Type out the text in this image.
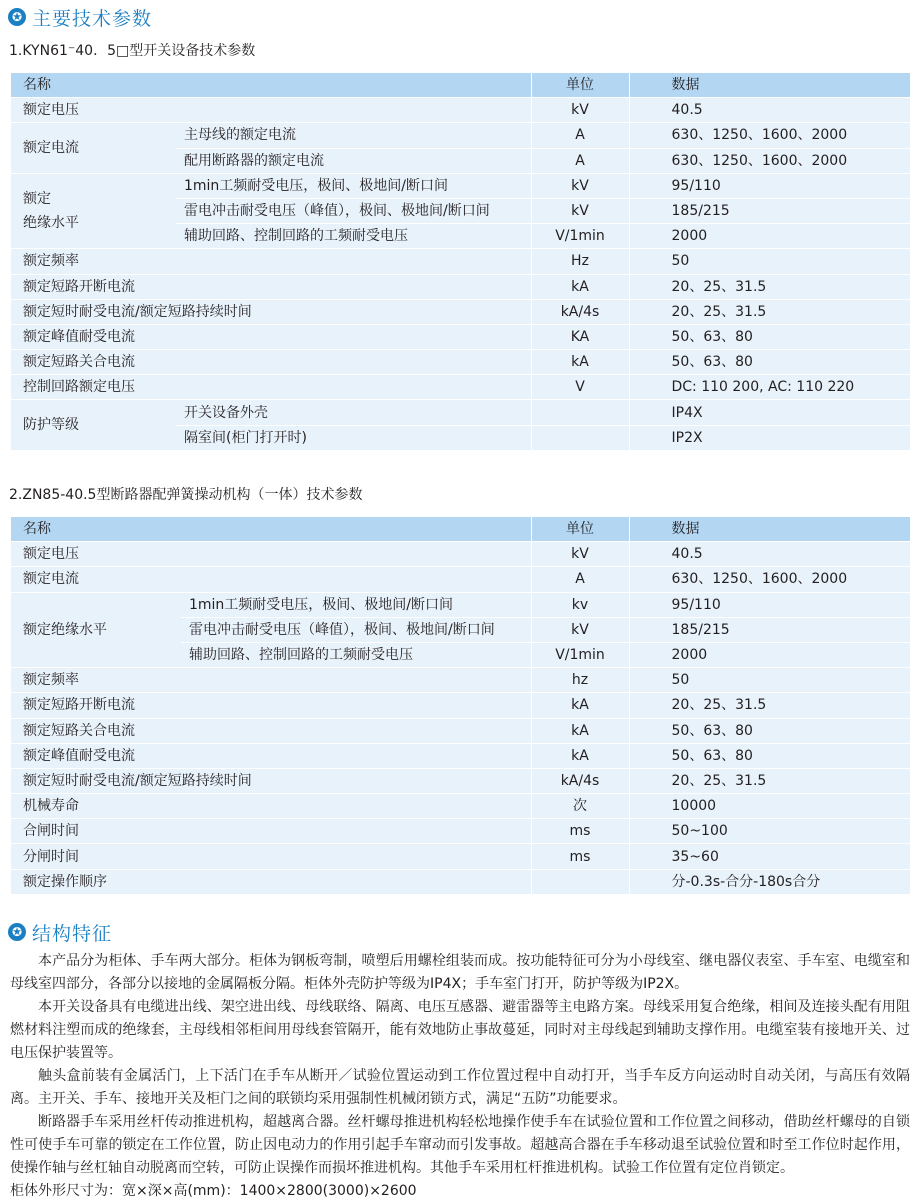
✪ 主要技术参数
1.KYN61⁻40．5□型开关设备技术参数
名称		单位	数据
额定电压		kV	40.5
额定电流	主母线的额定电流	A	630、1250、1600、2000
	配用断路器的额定电流	A	630、1250、1600、2000

额定
绝缘水平	1min工频耐受电压，极间、极地间/断口间	kV	95/110
	雷电冲击耐受电压（峰值），极间、极地间/断口间	kV	185/215
	辅助回路、控制回路的工频耐受电压	V/1min	2000
额定频率		Hz	50
额定短路开断电流		kA	20、25、31.5
额定短时耐受电流/额定短路持续时间		kA/4s	20、25、31.5
额定峰值耐受电流		KA	50、63、80
额定短路关合电流		kA	50、63、80
控制回路额定电压		V	DC: 110 200, AC: 110 220
防护等级	开关设备外壳		IP4X
	隔室间(柜门打开时)		IP2X
2.ZN85-40.5型断路器配弹簧操动机构（一体）技术参数
名称		单位	数据
额定电压		kV	40.5
额定电流		A	630、1250、1600、2000
额定绝缘水平	1min工频耐受电压，极间、极地间/断口间	kv	95/110
	雷电冲击耐受电压（峰值），极间、极地间/断口间	kV	185/215
	辅助回路、控制回路的工频耐受电压	V/1min	2000
额定频率		hz	50
额定短路开断电流		kA	20、25、31.5
额定短路关合电流		kA	50、63、80
额定峰值耐受电流		kA	50、63、80
额定短时耐受电流/额定短路持续时间		kA/4s	20、25、31.5
机械寿命		次	10000
合闸时间		ms	50~100
分闸时间		ms	35~60
额定操作顺序			分-0.3s-合分-180s合分
✪ 结构特征

本产品分为柜体、手车两大部分。柜体为钢板弯制，喷塑后用螺栓组装而成。按功能特征可分为小母线室、继电器仪表室、手车室、电缆室和母线室四部分，各部分以接地的金属隔板分隔。柜体外壳防护等级为IP4X；手车室门打开，防护等级为IP2X。

本开关设备具有电缆进出线、架空进出线、母线联络、隔离、电压互感器、避雷器等主电路方案。母线采用复合绝缘，相间及连接头配有用阻燃材料注塑而成的绝缘套，主母线相邻柜间用母线套管隔开，能有效地防止事故蔓延，同时对主母线起到辅助支撑作用。电缆室装有接地开关、过电压保护装置等。

触头盒前装有金属活门，上下活门在手车从断开／试验位置运动到工作位置过程中自动打开，当手车反方向运动时自动关闭，与高压有效隔离。主开关、手车、接地开关及柜门之间的联锁均采用强制性机械闭锁方式，满足“五防”功能要求。

断路器手车采用丝杆传动推进机构，超越离合器。丝杆螺母推进机构轻松地操作使手车在试验位置和工作位置之间移动，借助丝杆螺母的自锁性可使手车可靠的锁定在工作位置，防止因电动力的作用引起手车窜动而引发事故。超越高合器在手车移动退至试验位置和时至工作位时起作用，使操作轴与丝杠轴自动脱离而空转，可防止误操作而损坏推进机构。其他手车采用杠杆推进机构。试验工作位置有定位肖锁定。

柜体外形尺寸为：宽×深×高(mm)：1400×2800(3000)×2600
